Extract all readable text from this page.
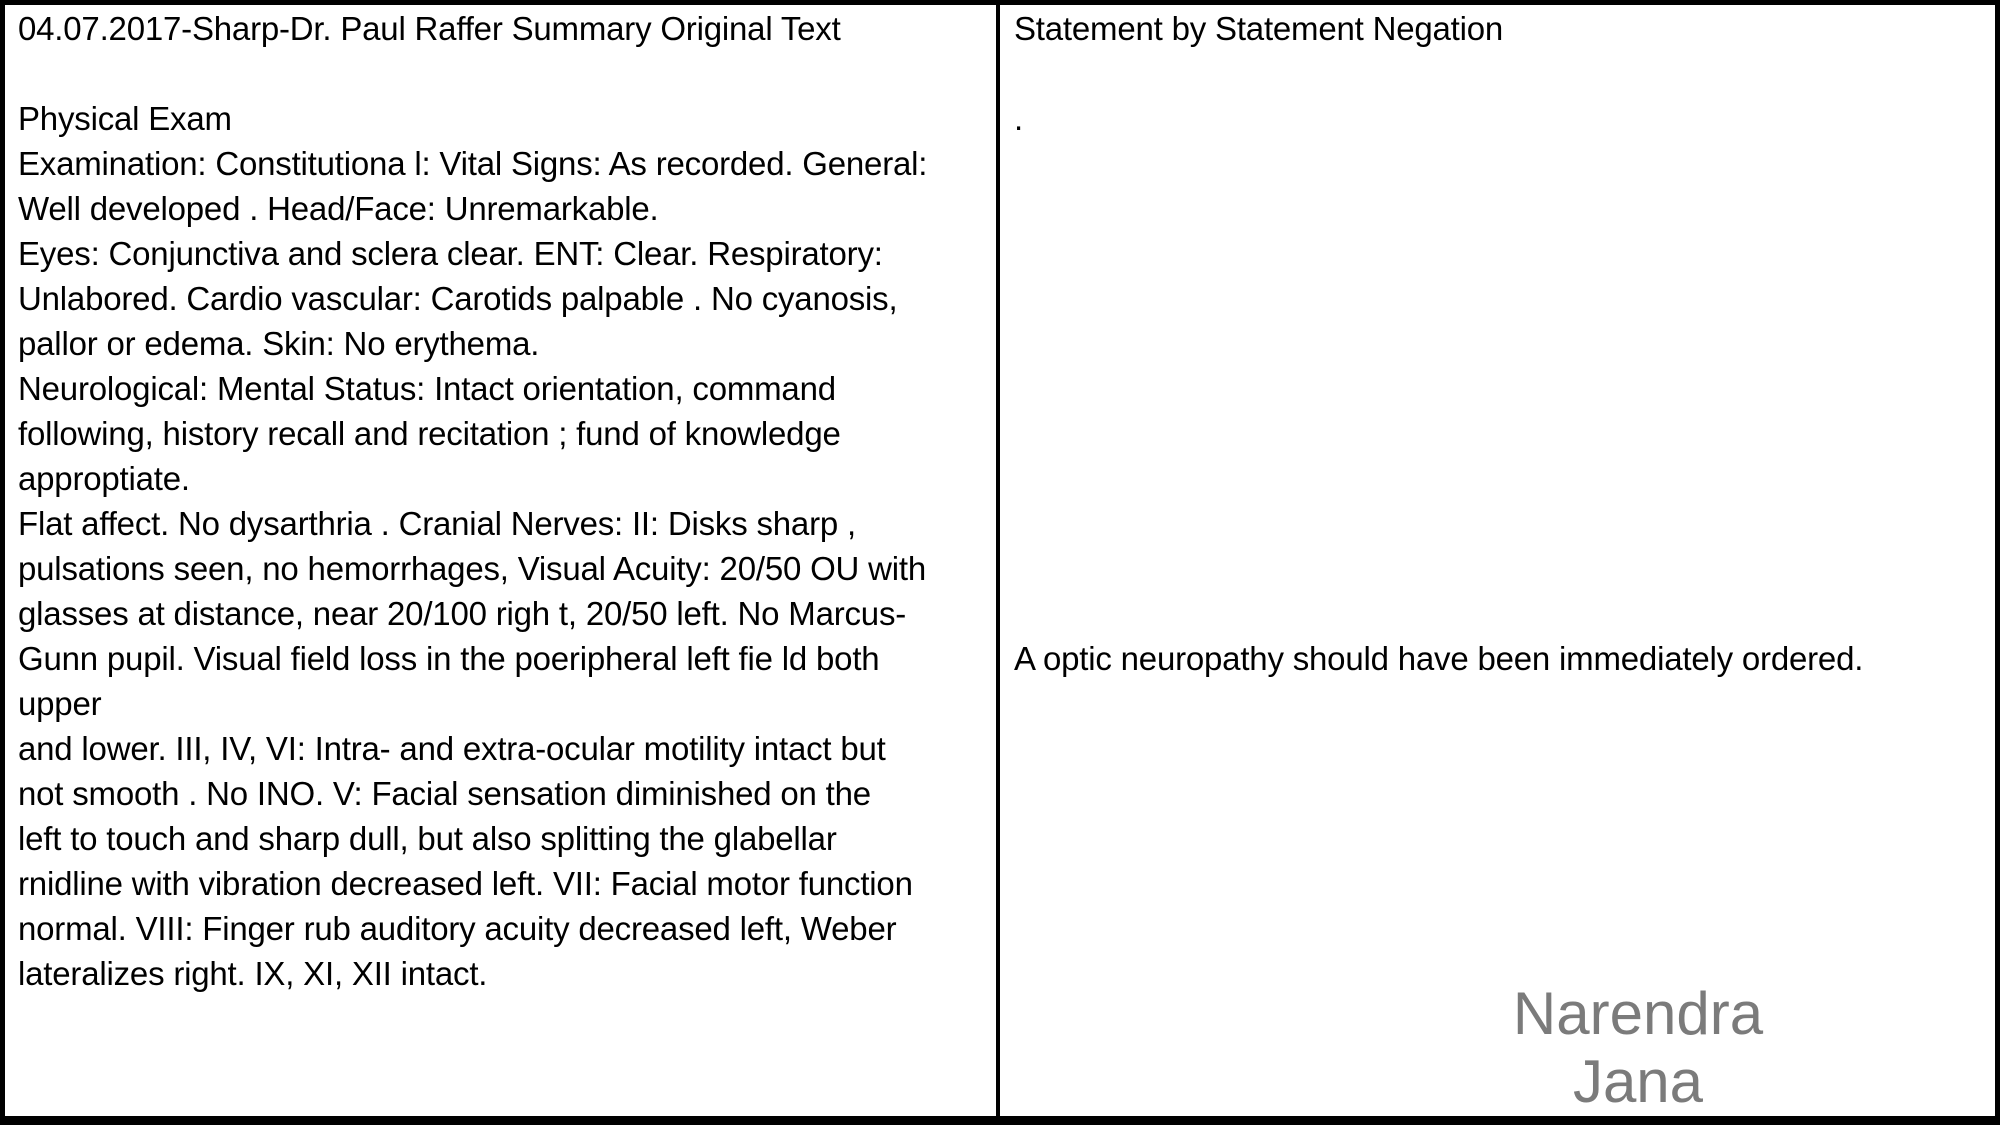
04.07.2017-Sharp-Dr. Paul Raffer Summary Original Text
Physical Exam
Examination: Constitutiona l: Vital Signs: As recorded. General:
Well developed . Head/Face: Unremarkable.
Eyes: Conjunctiva and sclera clear. ENT: Clear. Respiratory:
Unlabored. Cardio vascular: Carotids palpable . No cyanosis,
pallor or edema. Skin: No erythema.
Neurological: Mental Status: Intact orientation, command
following, history recall and recitation ; fund of knowledge
approptiate.
Flat affect. No dysarthria . Cranial Nerves: II: Disks sharp ,
pulsations seen, no hemorrhages, Visual Acuity: 20/50 OU with
glasses at distance, near 20/100 righ t, 20/50 left. No Marcus-
Gunn pupil. Visual field loss in the poeripheral left fie ld both
upper
and lower. III, IV, VI: Intra- and extra-ocular motility intact but
not smooth . No INO. V: Facial sensation diminished on the
left to touch and sharp dull, but also splitting the glabellar
rnidline with vibration decreased left. VII: Facial motor function
normal. VIII: Finger rub auditory acuity decreased left, Weber
lateralizes right. IX, XI, XII intact.
Statement by Statement Negation
.
A optic neuropathy should have been immediately ordered.
Narendra
Jana
